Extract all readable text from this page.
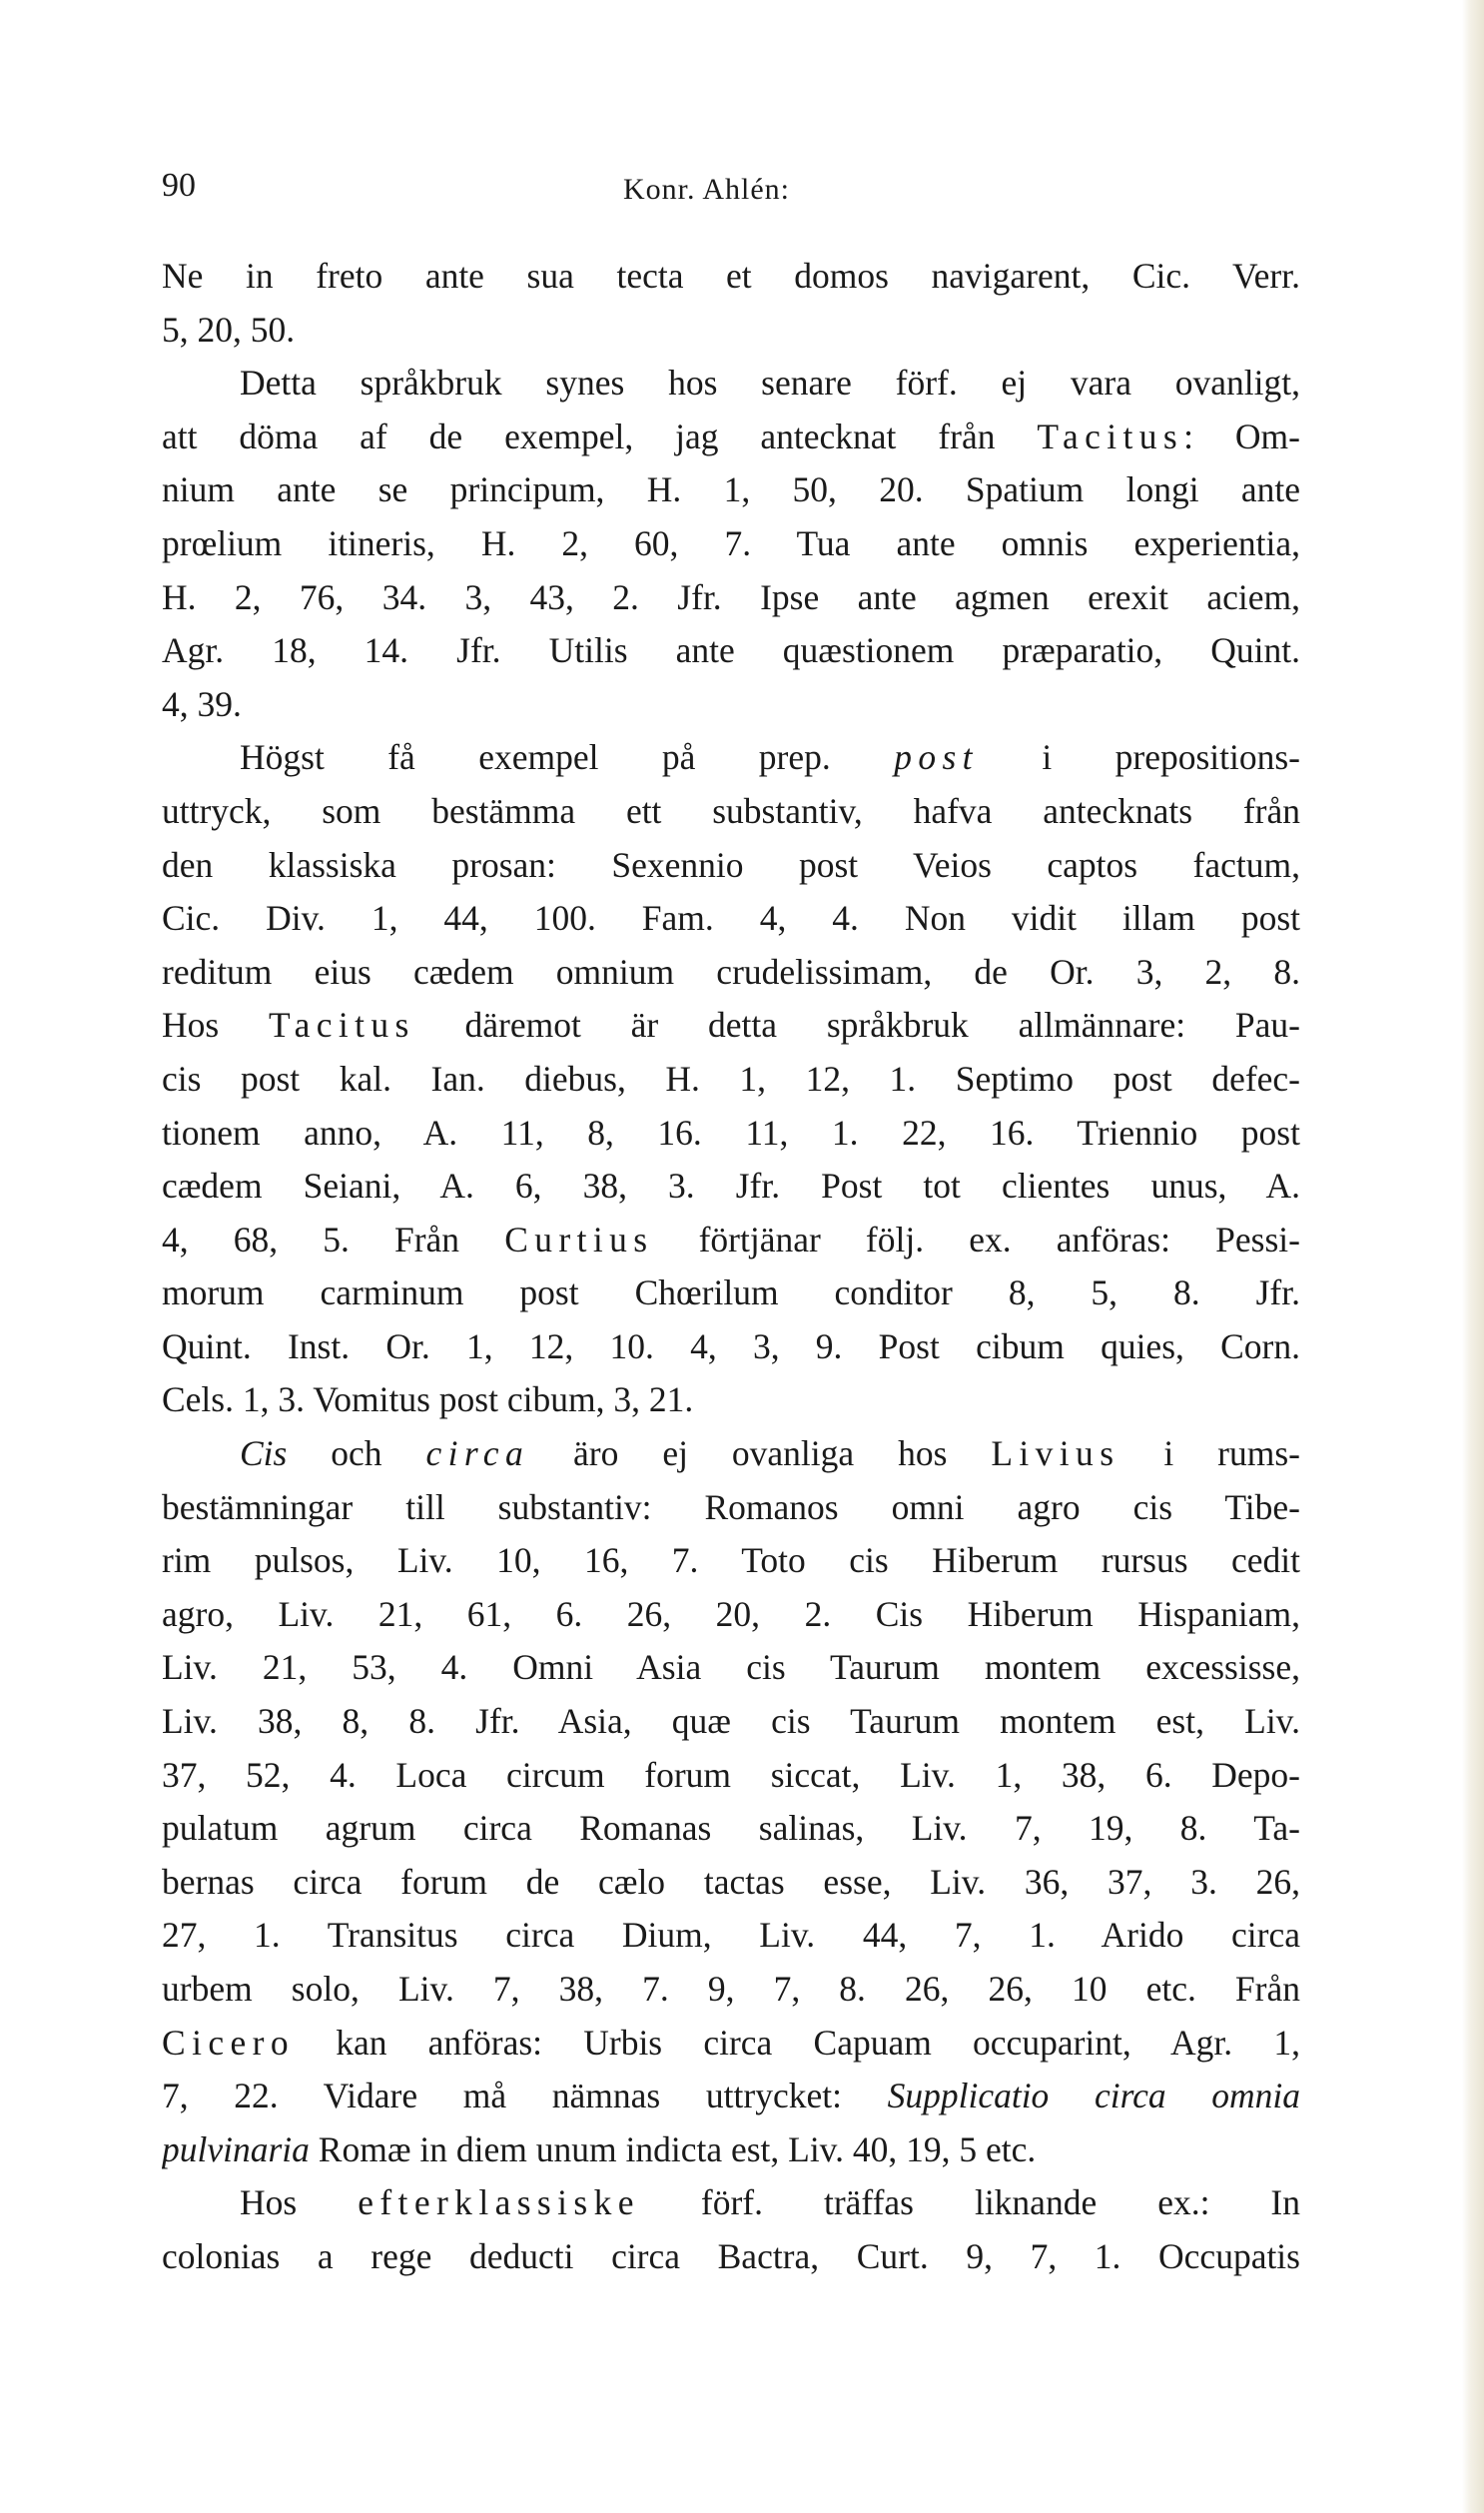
90	Konr. Ahlén:
Ne in freto ante sua tecta et domos navigarent, Cic. Verr.
5, 20, 50.
Detta språkbruk synes hos senare förf. ej vara ovanligt,
att döma af de exempel, jag antecknat från Tacitus: Om-
nium ante se principum, H. 1, 50, 20. Spatium longi ante
prœlium itineris, H. 2, 60, 7. Tua ante omnis experientia,
H. 2, 76, 34. 3, 43, 2. Jfr. Ipse ante agmen erexit aciem,
Agr. 18, 14. Jfr. Utilis ante quæstionem præparatio, Quint.
4, 39.
Högst få exempel på prep. post i prepositions-
uttryck, som bestämma ett substantiv, hafva antecknats från
den klassiska prosan: Sexennio post Veios captos factum,
Cic. Div. 1, 44, 100. Fam. 4, 4. Non vidit illam post
reditum eius cædem omnium crudelissimam, de Or. 3, 2, 8.
Hos Tacitus däremot är detta språkbruk allmännare: Pau-
cis post kal. Ian. diebus, H. 1, 12, 1. Septimo post defec-
tionem anno, A. 11, 8, 16. 11, 1. 22, 16. Triennio post
cædem Seiani, A. 6, 38, 3. Jfr. Post tot clientes unus, A.
4, 68, 5. Från Curtius förtjänar följ. ex. anföras: Pessi-
morum carminum post Chœrilum conditor 8, 5, 8. Jfr.
Quint. Inst. Or. 1, 12, 10. 4, 3, 9. Post cibum quies, Corn.
Cels. 1, 3. Vomitus post cibum, 3, 21.
Cis och circa äro ej ovanliga hos Livius i rums-
bestämningar till substantiv: Romanos omni agro cis Tibe-
rim pulsos, Liv. 10, 16, 7. Toto cis Hiberum rursus cedit
agro, Liv. 21, 61, 6. 26, 20, 2. Cis Hiberum Hispaniam,
Liv. 21, 53, 4. Omni Asia cis Taurum montem excessisse,
Liv. 38, 8, 8. Jfr. Asia, quæ cis Taurum montem est, Liv.
37, 52, 4. Loca circum forum siccat, Liv. 1, 38, 6. Depo-
pulatum agrum circa Romanas salinas, Liv. 7, 19, 8. Ta-
bernas circa forum de cælo tactas esse, Liv. 36, 37, 3. 26,
27, 1. Transitus circa Dium, Liv. 44, 7, 1. Arido circa
urbem solo, Liv. 7, 38, 7. 9, 7, 8. 26, 26, 10 etc. Från
Cicero kan anföras: Urbis circa Capuam occuparint, Agr. 1,
7, 22. Vidare må nämnas uttrycket: Supplicatio circa omnia
pulvinaria Romæ in diem unum indicta est, Liv. 40, 19, 5 etc.
Hos efterklassiske förf. träffas liknande ex.: In
colonias a rege deducti circa Bactra, Curt. 9, 7, 1. Occupatis
